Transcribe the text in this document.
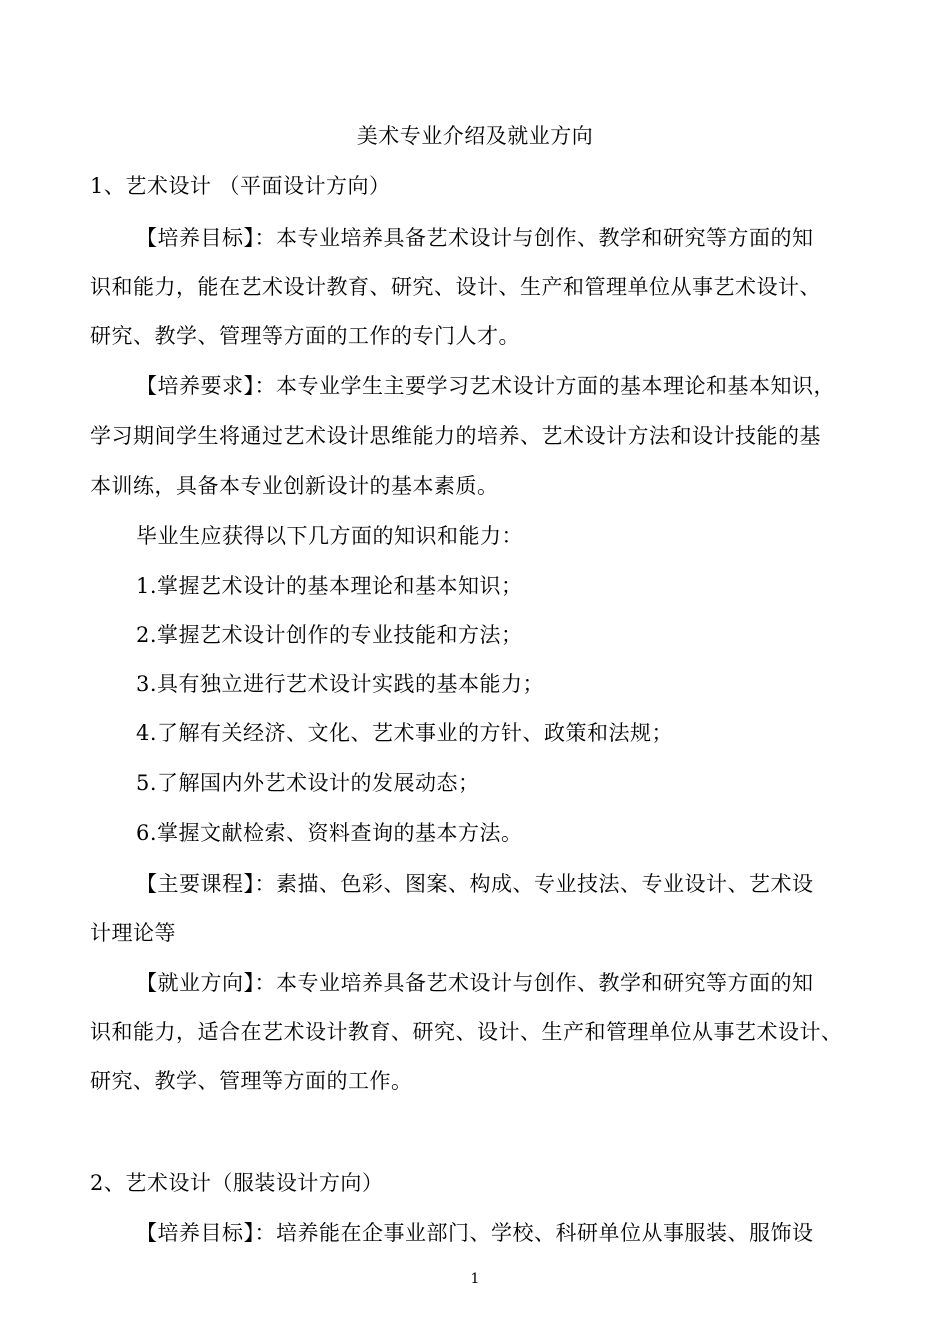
美术专业介绍及就业方向
1、艺术设计 （平面设计方向）
【培养目标】：本专业培养具备艺术设计与创作、教学和研究等方面的知
识和能力，能在艺术设计教育、研究、设计、生产和管理单位从事艺术设计、
研究、教学、管理等方面的工作的专门人才。
【培养要求】：本专业学生主要学习艺术设计方面的基本理论和基本知识，
学习期间学生将通过艺术设计思维能力的培养、艺术设计方法和设计技能的基
本训练，具备本专业创新设计的基本素质。
毕业生应获得以下几方面的知识和能力：
1.掌握艺术设计的基本理论和基本知识；
2.掌握艺术设计创作的专业技能和方法；
3.具有独立进行艺术设计实践的基本能力；
4.了解有关经济、文化、艺术事业的方针、政策和法规；
5.了解国内外艺术设计的发展动态；
6.掌握文献检索、资料查询的基本方法。
【主要课程】：素描、色彩、图案、构成、专业技法、专业设计、艺术设
计理论等
【就业方向】：本专业培养具备艺术设计与创作、教学和研究等方面的知
识和能力，适合在艺术设计教育、研究、设计、生产和管理单位从事艺术设计、
研究、教学、管理等方面的工作。
2、艺术设计（服装设计方向）
【培养目标】：培养能在企事业部门、学校、科研单位从事服装、服饰设
1
